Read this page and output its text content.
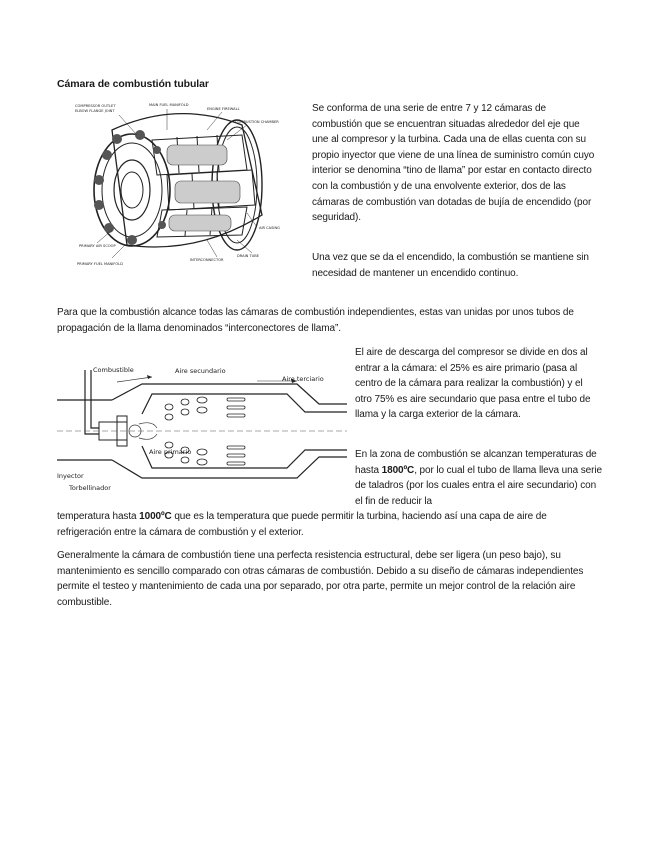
Cámara de combustión tubular
COMPRESSOR OUTLET
ELBOW FLANGE JOINT
MAIN FUEL MANIFOLD
ENGINE FIREWALL
COMBUSTION CHAMBER
AIR CASING
DRAIN TUBE
INTERCONNECTOR
PRIMARY AIR SCOOP
PRIMARY FUEL MANIFOLD

Se conforma de una serie de entre 7 y 12 cámaras de combustión que se encuentran situadas alrededor del eje que une al compresor y la turbina. Cada una de ellas cuenta con su propio inyector que viene de una línea de suministro común cuyo interior se denomina “tino de llama” por estar en contacto directo con la combustión y de una envolvente exterior, dos de las cámaras de combustión van dotadas de bujía de encendido (por seguridad).

Una vez que se da el encendido, la combustión se mantiene sin necesidad de mantener un encendido continuo.

Para que la combustión alcance todas las cámaras de combustión independientes, estas van unidas por unos tubos de propagación de la llama denominados “interconectores de llama”.

Combustible	Aire secundario
Aire terciario
Aire primario
Inyector
Torbellinador

El aire de descarga del compresor se divide en dos al entrar a la cámara: el 25% es aire primario (pasa al centro de la cámara para realizar la combustión) y el otro 75% es aire secundario que pasa entre el tubo de llama y la carga exterior de la cámara.

En la zona de combustión se alcanzan temperaturas de hasta 1800ºC, por lo cual el tubo de llama lleva una serie de taladros (por los cuales entra el aire secundario) con el fin de reducir la

temperatura hasta 1000ºC que es la temperatura que puede permitir la turbina, haciendo así una capa de aire de refrigeración entre la cámara de combustión y el exterior.

Generalmente la cámara de combustión tiene una perfecta resistencia estructural, debe ser ligera (un peso bajo), su mantenimiento es sencillo comparado con otras cámaras de combustión. Debido a su diseño de cámaras independientes permite el testeo y mantenimiento de cada una por separado, por otra parte, permite un mejor control de la relación aire combustible.
